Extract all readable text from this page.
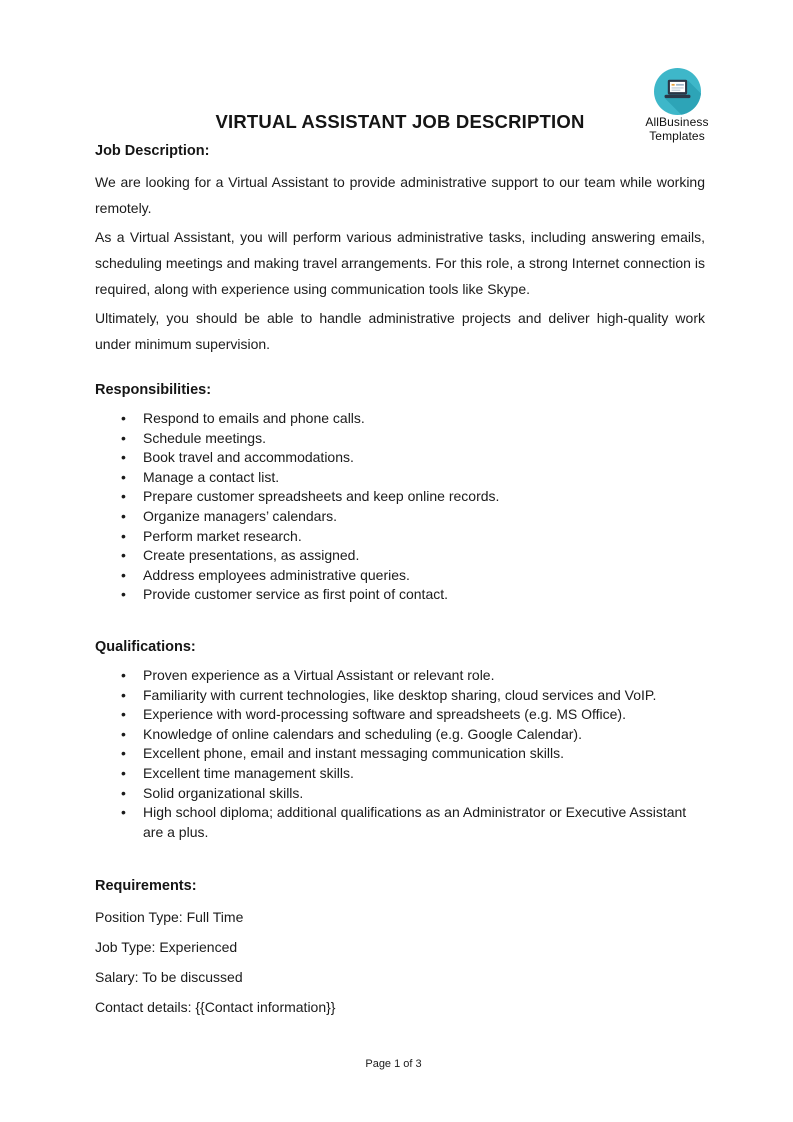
AllBusiness
Templates
VIRTUAL ASSISTANT JOB DESCRIPTION
Job Description:

We are looking for a Virtual Assistant to provide administrative support to our team while working remotely.

As a Virtual Assistant, you will perform various administrative tasks, including answering emails, scheduling meetings and making travel arrangements. For this role, a strong Internet connection is required, along with experience using communication tools like Skype.

Ultimately, you should be able to handle administrative projects and deliver high-quality work under minimum supervision.

Responsibilities:
• Respond to emails and phone calls.
• Schedule meetings.
• Book travel and accommodations.
• Manage a contact list.
• Prepare customer spreadsheets and keep online records.
• Organize managers’ calendars.
• Perform market research.
• Create presentations, as assigned.
• Address employees administrative queries.
• Provide customer service as first point of contact.
Qualifications:
• Proven experience as a Virtual Assistant or relevant role.
• Familiarity with current technologies, like desktop sharing, cloud services and VoIP.
• Experience with word-processing software and spreadsheets (e.g. MS Office).
• Knowledge of online calendars and scheduling (e.g. Google Calendar).
• Excellent phone, email and instant messaging communication skills.
• Excellent time management skills.
• Solid organizational skills.
• High school diploma; additional qualifications as an Administrator or Executive Assistant are a plus.
Requirements:

Position Type: Full Time

Job Type: Experienced

Salary: To be discussed

Contact details: {{Contact information}}

Page 1 of 3
